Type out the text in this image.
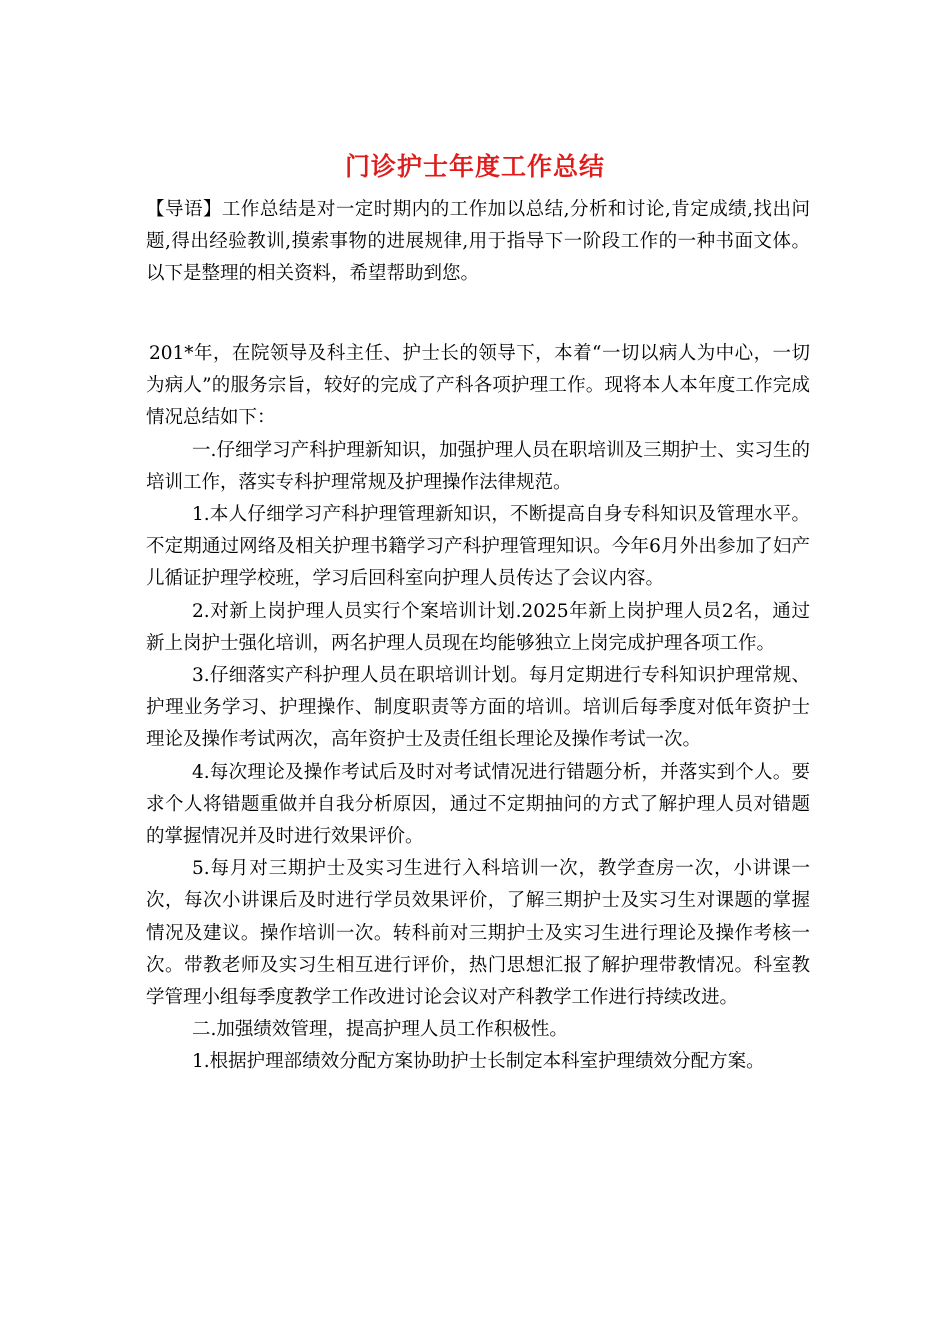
门诊护士年度工作总结

【导语】工作总结是对一定时期内的工作加以总结,分析和讨论,肯定成绩,找出问题,得出经验教训,摸索事物的进展规律,用于指导下一阶段工作的一种书面文体。以下是整理的相关资料，希望帮助到您。

201*年，在院领导及科主任、护士长的领导下，本着“一切以病人为中心，一切为病人”的服务宗旨，较好的完成了产科各项护理工作。现将本人本年度工作完成情况总结如下：

一.仔细学习产科护理新知识，加强护理人员在职培训及三期护士、实习生的培训工作，落实专科护理常规及护理操作法律规范。

1.本人仔细学习产科护理管理新知识，不断提高自身专科知识及管理水平。不定期通过网络及相关护理书籍学习产科护理管理知识。今年6月外出参加了妇产儿循证护理学校班，学习后回科室向护理人员传达了会议内容。

2.对新上岗护理人员实行个案培训计划.2025年新上岗护理人员2名，通过新上岗护士强化培训，两名护理人员现在均能够独立上岗完成护理各项工作。

3.仔细落实产科护理人员在职培训计划。每月定期进行专科知识护理常规、护理业务学习、护理操作、制度职责等方面的培训。培训后每季度对低年资护士理论及操作考试两次，高年资护士及责任组长理论及操作考试一次。

4.每次理论及操作考试后及时对考试情况进行错题分析，并落实到个人。要求个人将错题重做并自我分析原因，通过不定期抽问的方式了解护理人员对错题的掌握情况并及时进行效果评价。

5.每月对三期护士及实习生进行入科培训一次，教学查房一次，小讲课一次，每次小讲课后及时进行学员效果评价，了解三期护士及实习生对课题的掌握情况及建议。操作培训一次。转科前对三期护士及实习生进行理论及操作考核一次。带教老师及实习生相互进行评价，热门思想汇报了解护理带教情况。科室教学管理小组每季度教学工作改进讨论会议对产科教学工作进行持续改进。

二.加强绩效管理，提高护理人员工作积极性。

1.根据护理部绩效分配方案协助护士长制定本科室护理绩效分配方案。
